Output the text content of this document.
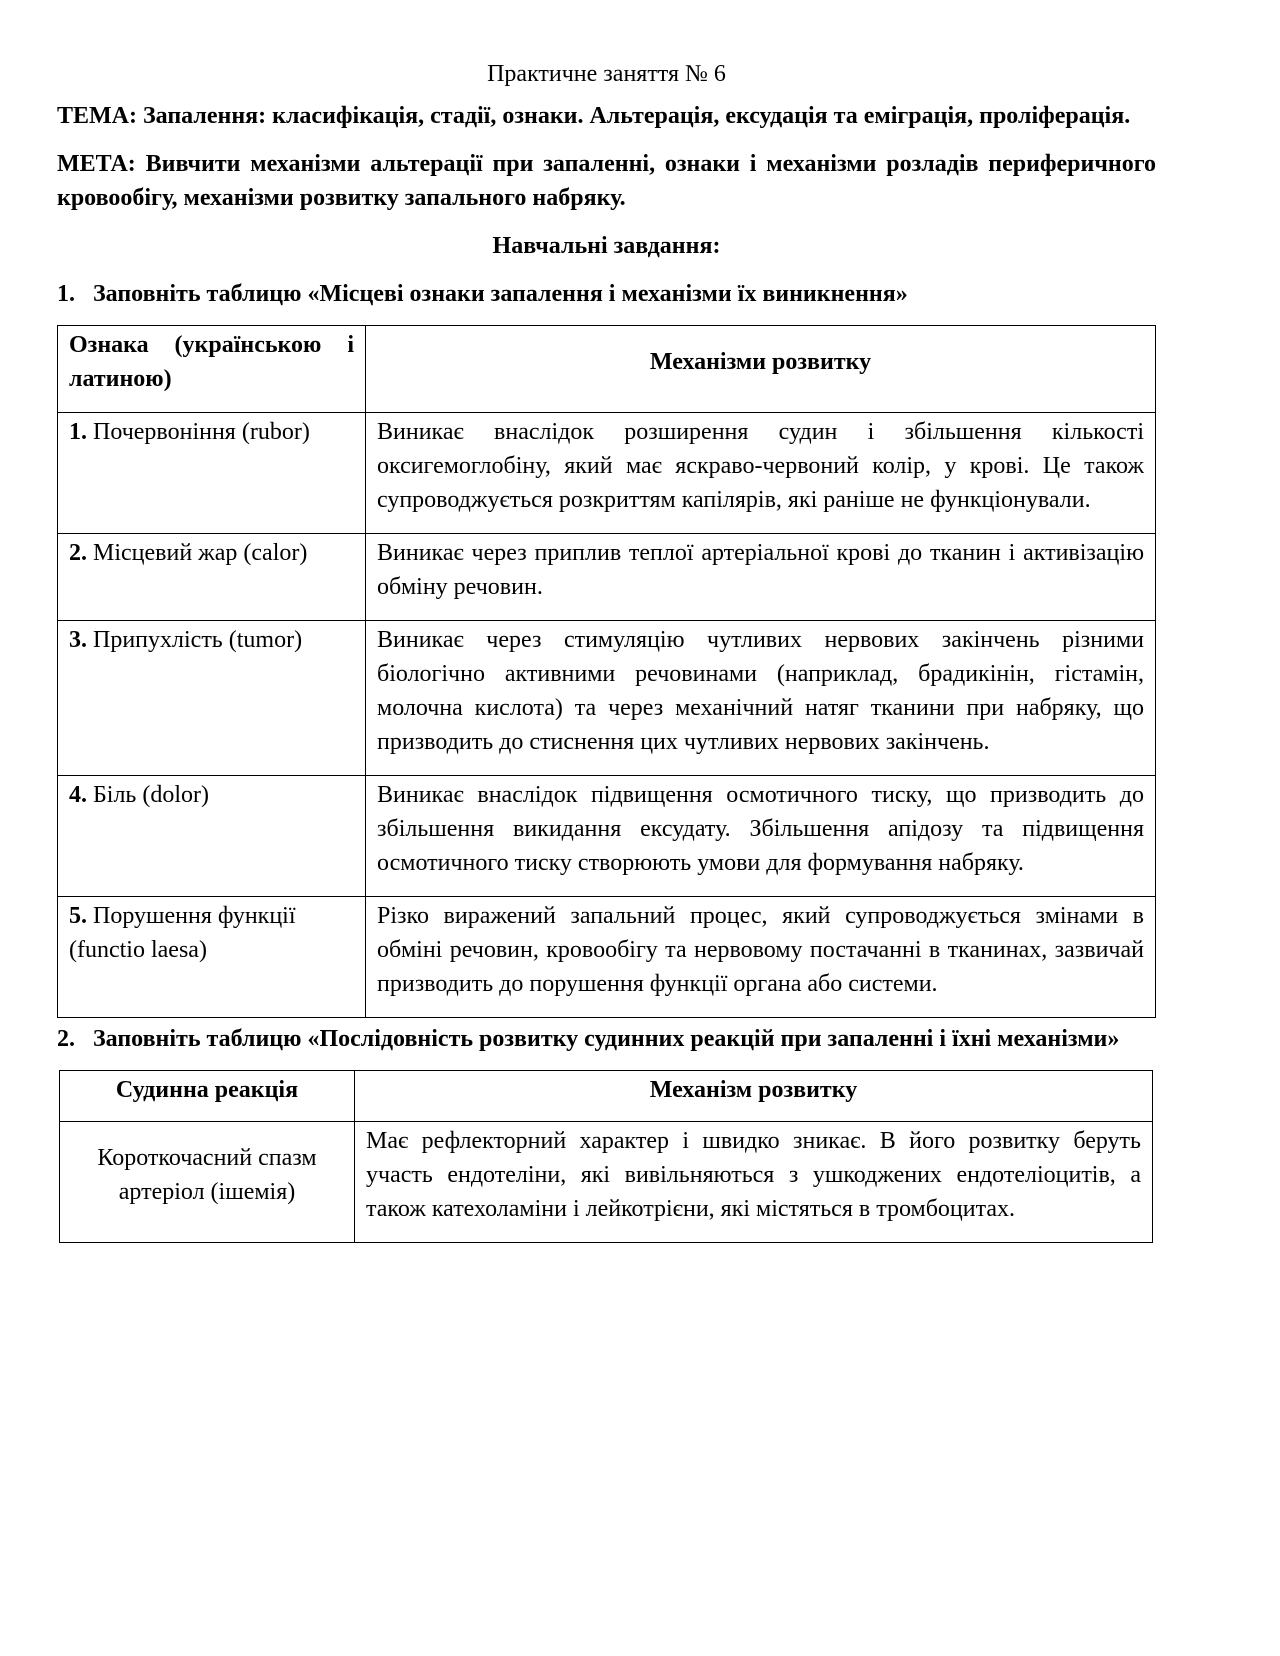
Практичне заняття № 6

ТЕМА: Запалення: класифікація, стадії, ознаки. Альтерація, ексудація та еміграція, проліферація.

МЕТА: Вивчити механізми альтерації при запаленні, ознаки і механізми розладів периферичного кровообігу, механізми розвитку запального набряку.

Навчальні завдання:
1. Заповніть таблицю «Місцеві ознаки запалення і механізми їх виникнення»
Ознака (українською і латиною)	Механізми розвитку
1. Почервоніння (rubor)	Виникає внаслідок розширення судин і збільшення кількості оксигемоглобіну, який має яскраво-червоний колір, у крові. Це також супроводжується розкриттям капілярів, які раніше не функціонували.
2. Місцевий жар (calor)	Виникає через приплив теплої артеріальної крові до тканин і активізацію обміну речовин.
3. Припухлість (tumor)	Виникає через стимуляцію чутливих нервових закінчень різними біологічно активними речовинами (наприклад, брадикінін, гістамін, молочна кислота) та через механічний натяг тканини при набряку, що призводить до стиснення цих чутливих нервових закінчень.
4. Біль (dolor)	Виникає внаслідок підвищення осмотичного тиску, що призводить до збільшення викидання ексудату. Збільшення апідозу та підвищення осмотичного тиску створюють умови для формування набряку.
5. Порушення функції (functio laesa)	Різко виражений запальний процес, який супроводжується змінами в обміні речовин, кровообігу та нервовому постачанні в тканинах, зазвичай призводить до порушення функції органа або системи.
2. Заповніть таблицю «Послідовність розвитку судинних реакцій при запаленні і їхні механізми»
Судинна реакція	Механізм розвитку
Короткочасний спазм артеріол (ішемія)	Має рефлекторний характер і швидко зникає. В його розвитку беруть участь ендотеліни, які вивільняються з ушкоджених ендотеліоцитів, а також катехоламіни і лейкотрієни, які містяться в тромбоцитах.
